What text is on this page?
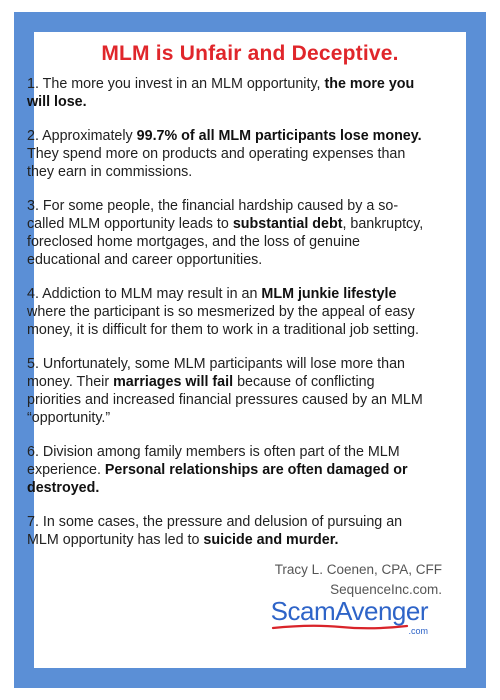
MLM is Unfair and Deceptive.

1. The more you invest in an MLM opportunity, the more you will lose.

2. Approximately 99.7% of all MLM participants lose money. They spend more on products and operating expenses than they earn in commissions.

3. For some people, the financial hardship caused by a so-called MLM opportunity leads to substantial debt, bankruptcy, foreclosed home mortgages, and the loss of genuine educational and career opportunities.

4. Addiction to MLM may result in an MLM junkie lifestyle where the participant is so mesmerized by the appeal of easy money, it is difficult for them to work in a traditional job setting.

5. Unfortunately, some MLM participants will lose more than money. Their marriages will fail because of conflicting priorities and increased financial pressures caused by an MLM “opportunity.”

6. Division among family members is often part of the MLM experience. Personal relationships are often damaged or destroyed.

7. In some cases, the pressure and delusion of pursuing an MLM opportunity has led to suicide and murder.

Tracy L. Coenen, CPA, CFF
SequenceInc.com.
ScamAvenger
.com
